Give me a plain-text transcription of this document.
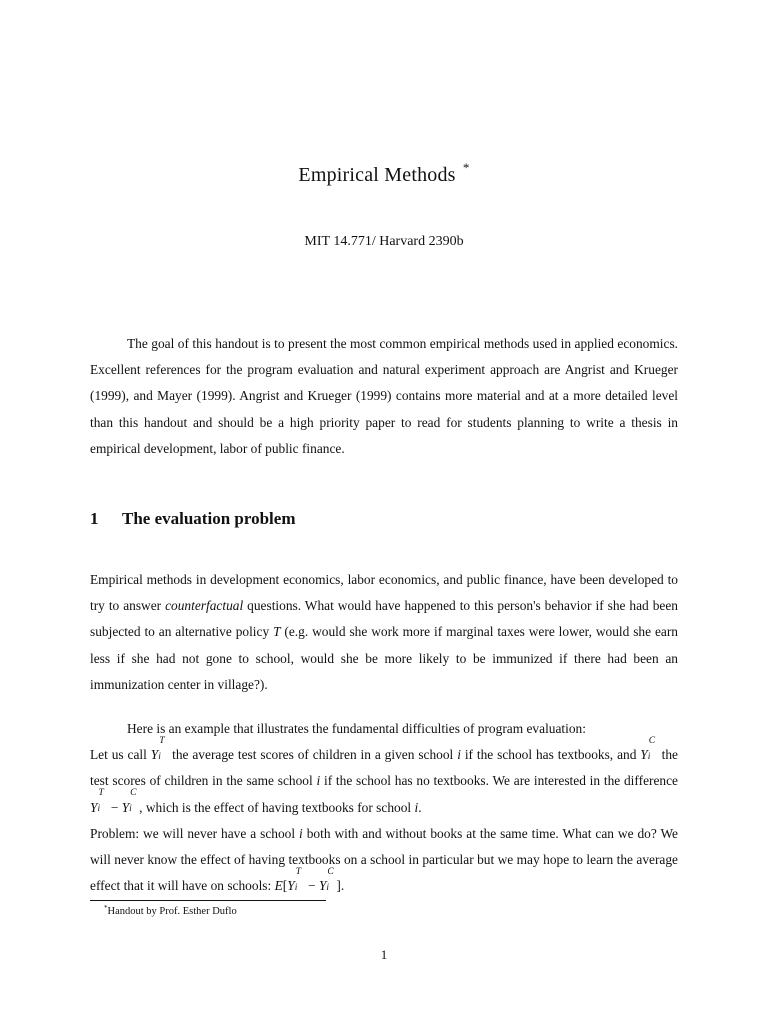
Empirical Methods *
MIT 14.771/ Harvard 2390b

The goal of this handout is to present the most common empirical methods used in applied economics. Excellent references for the program evaluation and natural experiment approach are Angrist and Krueger (1999), and Mayer (1999). Angrist and Krueger (1999) contains more material and at a more detailed level than this handout and should be a high priority paper to read for students planning to write a thesis in empirical development, labor of public finance.

1 The evaluation problem

Empirical methods in development economics, labor economics, and public finance, have been developed to try to answer counterfactual questions. What would have happened to this person's behavior if she had been subjected to an alternative policy T (e.g. would she work more if marginal taxes were lower, would she earn less if she had not gone to school, would she be more likely to be immunized if there had been an immunization center in village?).

Here is an example that illustrates the fundamental difficulties of program evaluation:

Let us call Y
T
i the average test scores of children in a given school i if the school has textbooks, and Y
C
i the test scores of children in the same school i if the school has no textbooks. We are interested in the difference Y
T
i − Y
C
i , which is the effect of having textbooks for school i.

Problem: we will never have a school i both with and without books at the same time. What can we do? We will never know the effect of having textbooks on a school in particular but we may hope to learn the average effect that it will have on schools: E[Y
T
i − Y
C
i ].

*Handout by Prof. Esther Duflo
1
